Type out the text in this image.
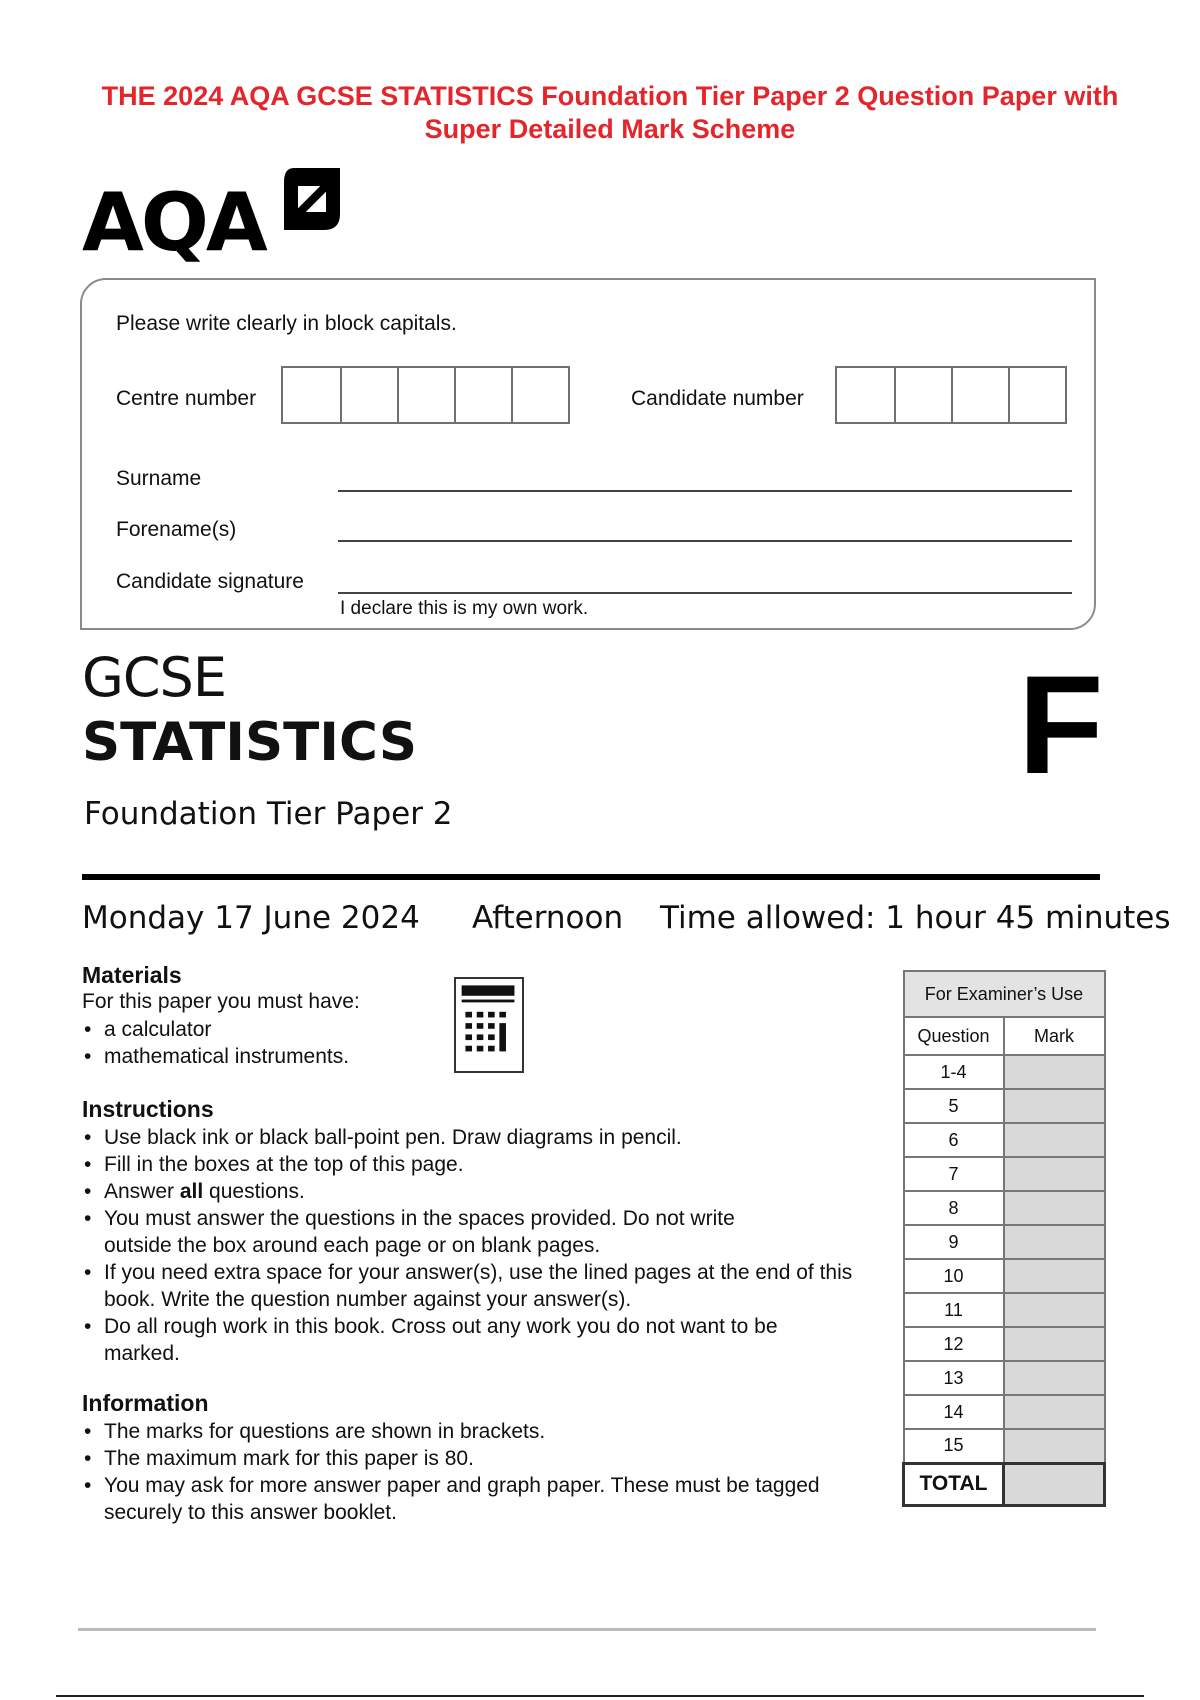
THE 2024 AQA GCSE STATISTICS Foundation Tier Paper 2 Question Paper with
Super Detailed Mark Scheme
AQA
Please write clearly in block capitals.
Centre number	Candidate number
Surname
Forename(s)
Candidate signature
I declare this is my own work.
GCSE
STATISTICS
Foundation Tier Paper 2
F
Monday 17 June 2024 Afternoon Time allowed: 1 hour 45 minutes
Materials
For this paper you must have:
• a calculator
• mathematical instruments.
Instructions
• Use black ink or black ball-point pen. Draw diagrams in pencil.
• Fill in the boxes at the top of this page.
• Answer all questions.
• You must answer the questions in the spaces provided. Do not write outside the box around each page or on blank pages.
• If you need extra space for your answer(s), use the lined pages at the end of this book. Write the question number against your answer(s).
• Do all rough work in this book. Cross out any work you do not want to be marked.
Information
• The marks for questions are shown in brackets.
• The maximum mark for this paper is 80.
• You may ask for more answer paper and graph paper. These must be tagged securely to this answer booklet.
For Examiner’s Use	
Question	Mark
1-4	
5	
6	
7	
8	
9	
10	
11	
12	
13	
14	
15	
TOTAL	
